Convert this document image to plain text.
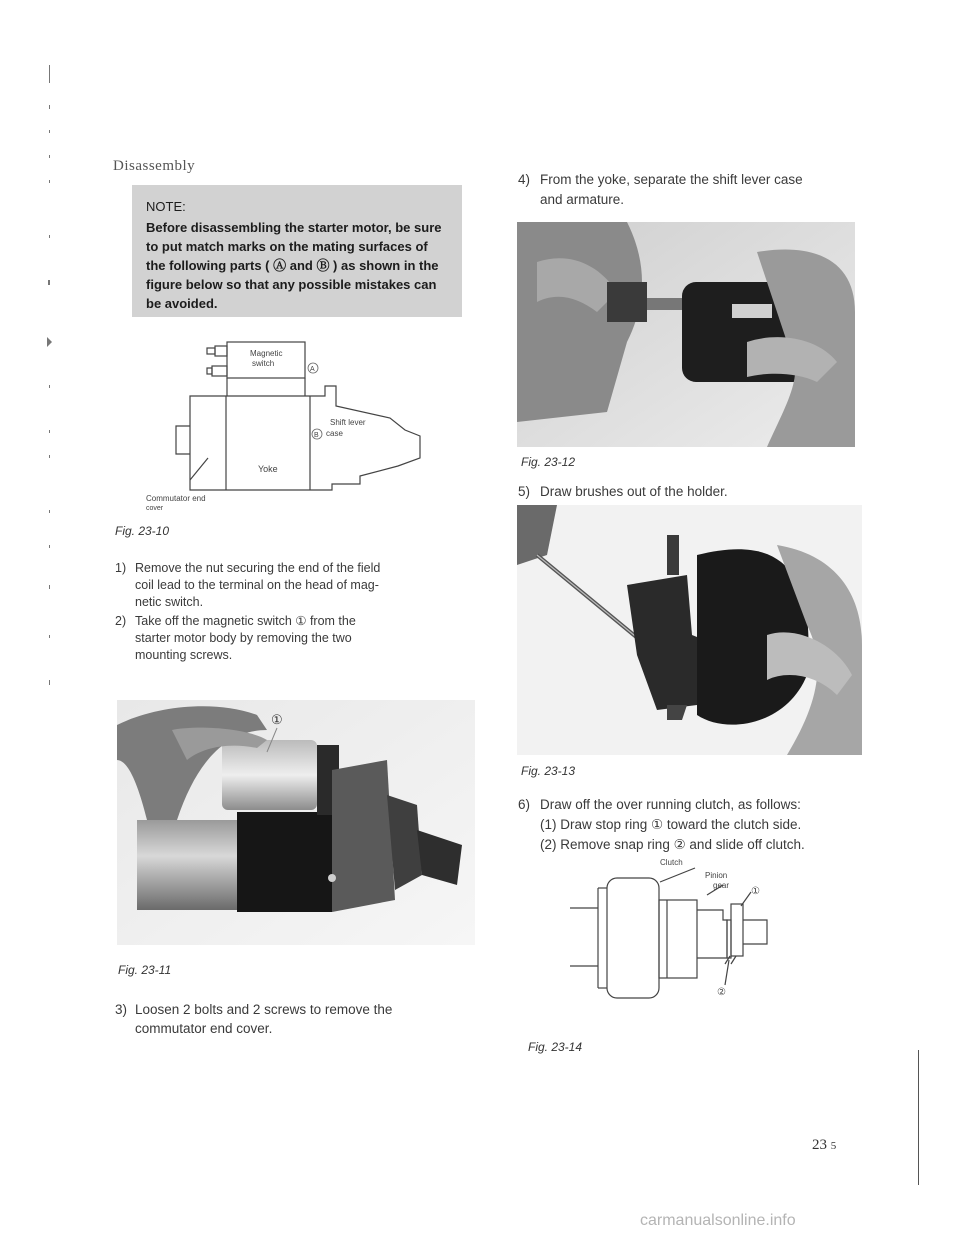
Disassembly
NOTE:
Before disassembling the starter motor, be sure to put match marks on the mating surfaces of the following parts ( Ⓐ and Ⓑ ) as shown in the figure below so that any possible mistakes can be avoided.
Magnetic
switch
A
Shift lever
case
B
Yoke
Commutator end
cover
Fig. 23-10
1) Remove the nut securing the end of the field
coil lead to the terminal on the head of mag-
netic switch.
2) Take off the magnetic switch ① from the
starter motor body by removing the two
mounting screws.
①
Fig. 23-11
3) Loosen 2 bolts and 2 screws to remove the
commutator end cover.
4) From the yoke, separate the shift lever case
and armature.
Fig. 23-12
5) Draw brushes out of the holder.
Fig. 23-13
6) Draw off the over running clutch, as follows:
(1) Draw stop ring ① toward the clutch side.
(2) Remove snap ring ② and slide off clutch.
Clutch
Pinion
gear
①
②
Fig. 23-14
23 5
carmanualsonline.info
